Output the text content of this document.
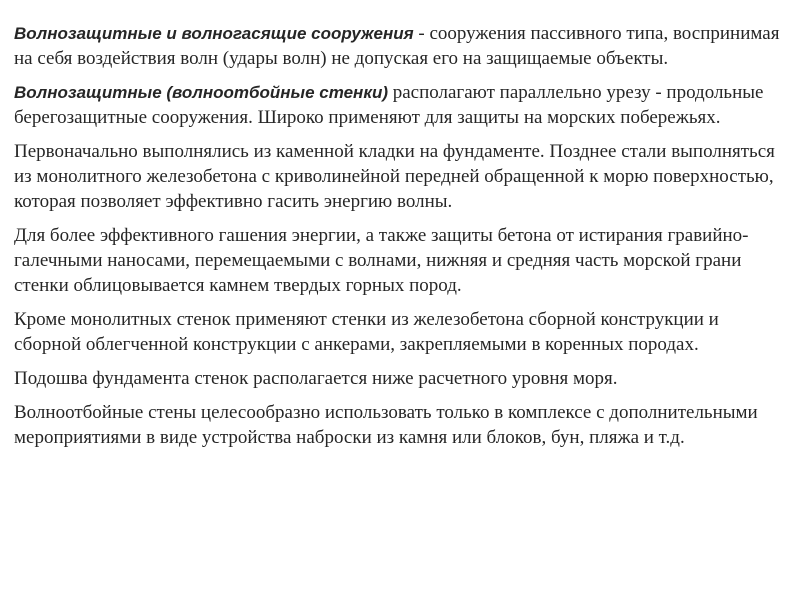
Волнозащитные и волногасящие сооружения - сооружения пассивного типа, воспринимая на себя воздействия волн (удары волн) не допуская его на защищаемые объекты.

Волнозащитные (волноотбойные стенки) располагают параллельно урезу - продольные берегозащитные сооружения. Широко применяют для защиты на морских побережьях.

Первоначально выполнялись из каменной кладки на фундаменте. Позднее стали выполняться из монолитного железобетона с криволинейной передней обращенной к морю поверхностью, которая позволяет эффективно гасить энергию волны.

Для более эффективного гашения энергии, а также защиты бетона от истирания гравийно-галечными наносами, перемещаемыми с волнами, нижняя и средняя часть морской грани стенки облицовывается камнем твердых горных пород.

Кроме монолитных стенок применяют стенки из железобетона сборной конструкции и сборной облегченной конструкции с анкерами, закрепляемыми в коренных породах.

Подошва фундамента стенок располагается ниже расчетного уровня моря.

Волноотбойные стены целесообразно использовать только в комплексе с дополнительными мероприятиями в виде устройства наброски из камня или блоков, бун, пляжа и т.д.
